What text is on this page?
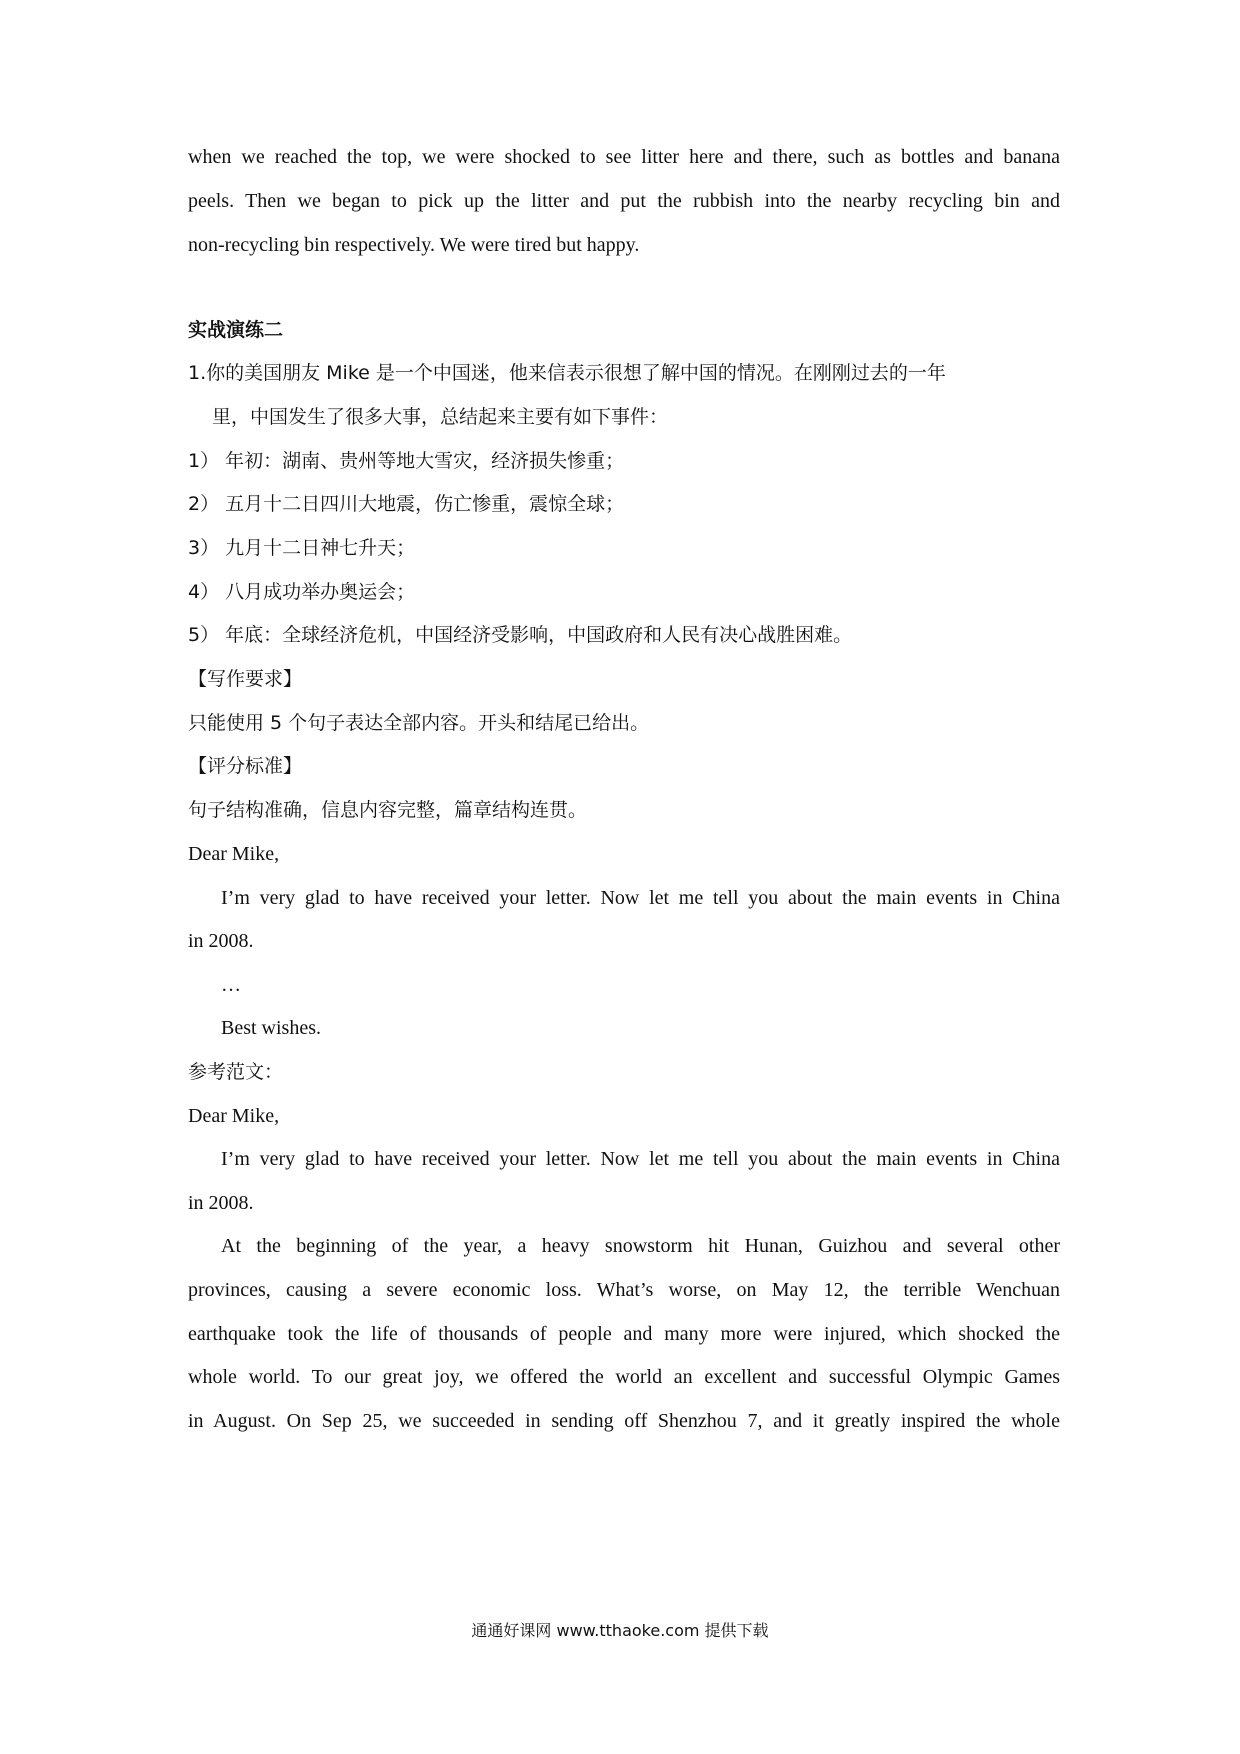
when we reached the top, we were shocked to see litter here and there, such as bottles and banana
peels. Then we began to pick up the litter and put the rubbish into the nearby recycling bin and
non-recycling bin respectively. We were tired but happy.
实战演练二
1.你的美国朋友 Mike 是一个中国迷，他来信表示很想了解中国的情况。在刚刚过去的一年
里，中国发生了很多大事，总结起来主要有如下事件：
1） 年初：湖南、贵州等地大雪灾，经济损失惨重；
2） 五月十二日四川大地震，伤亡惨重，震惊全球；
3） 九月十二日神七升天；
4） 八月成功举办奥运会；
5） 年底：全球经济危机，中国经济受影响，中国政府和人民有决心战胜困难。
【写作要求】
只能使用 5 个句子表达全部内容。开头和结尾已给出。
【评分标准】
句子结构准确，信息内容完整，篇章结构连贯。
Dear Mike,
I’m very glad to have received your letter. Now let me tell you about the main events in China
in 2008.
…
Best wishes.
参考范文：
Dear Mike,
I’m very glad to have received your letter. Now let me tell you about the main events in China
in 2008.
At the beginning of the year, a heavy snowstorm hit Hunan, Guizhou and several other
provinces, causing a severe economic loss. What’s worse, on May 12, the terrible Wenchuan
earthquake took the life of thousands of people and many more were injured, which shocked the
whole world. To our great joy, we offered the world an excellent and successful Olympic Games
in August. On Sep 25, we succeeded in sending off Shenzhou 7, and it greatly inspired the whole
通通好课网 www.tthaoke.com 提供下载
